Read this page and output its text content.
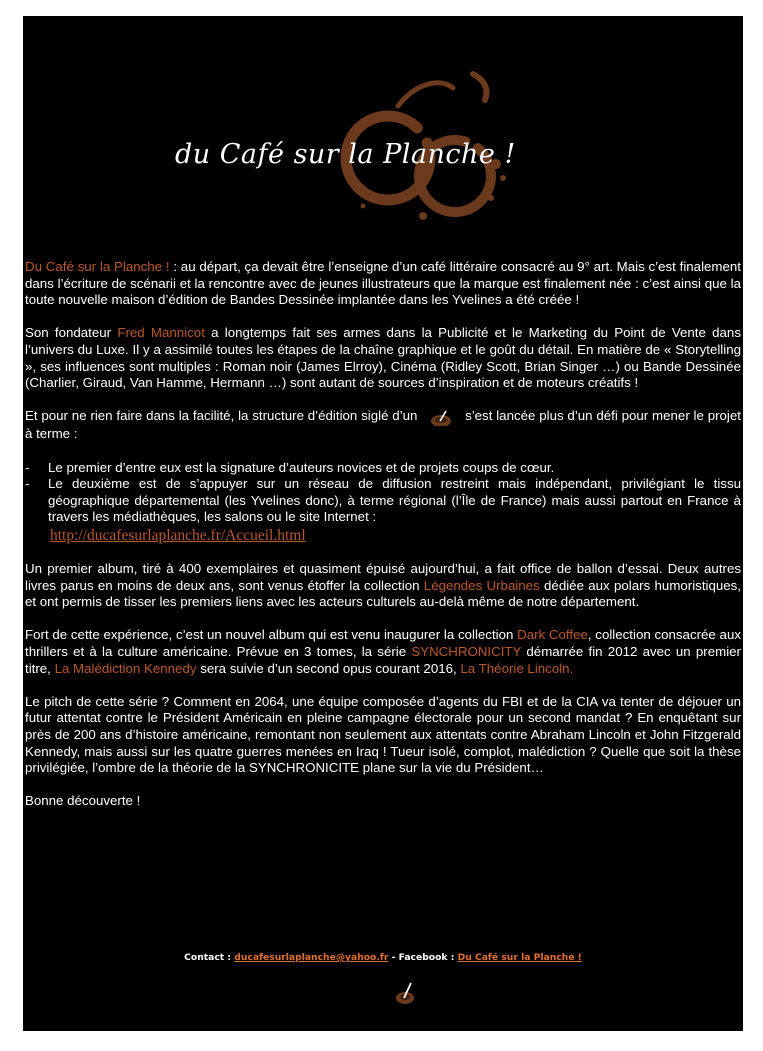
du Café sur la Planche !

Du Café sur la Planche ! : au départ, ça devait être l’enseigne d’un café littéraire consacré au 9° art. Mais c’est finalement dans l’écriture de scénarii et la rencontre avec de jeunes illustrateurs que la marque est finalement née : c’est ainsi que la toute nouvelle maison d’édition de Bandes Dessinée implantée dans les Yvelines a été créée !

Son fondateur Fred Mannicot a longtemps fait ses armes dans la Publicité et le Marketing du Point de Vente dans l’univers du Luxe. Il y a assimilé toutes les étapes de la chaîne graphique et le goût du détail. En matière de « Storytelling », ses influences sont multiples : Roman noir (James Elrroy), Cinéma (Ridley Scott, Brian Singer …) ou Bande Dessinée (Charlier, Giraud, Van Hamme, Hermann …) sont autant de sources d’inspiration et de moteurs créatifs !

Et pour ne rien faire dans la facilité, la structure d’édition siglé d’un	s’est lancée plus d’un défi pour mener le projet à terme :

- Le premier d’entre eux est la signature d’auteurs novices et de projets coups de cœur.
- Le deuxième est de s’appuyer sur un réseau de diffusion restreint mais indépendant, privilégiant le tissu géographique départemental (les Yvelines donc), à terme régional (l’Île de France) mais aussi partout en France à travers les médiathèques, les salons ou le site Internet :
http://ducafesurlaplanche.fr/Accueil.html

Un premier album, tiré à 400 exemplaires et quasiment épuisé aujourd’hui, a fait office de ballon d’essai. Deux autres livres parus en moins de deux ans, sont venus étoffer la collection Légendes Urbaines dédiée aux polars humoristiques, et ont permis de tisser les premiers liens avec les acteurs culturels au-delà même de notre département.

Fort de cette expérience, c’est un nouvel album qui est venu inaugurer la collection Dark Coffee, collection consacrée aux thrillers et à la culture américaine. Prévue en 3 tomes, la série SYNCHRONICITY démarrée fin 2012 avec un premier titre, La Malédiction Kennedy sera suivie d’un second opus courant 2016, La Théorie Lincoln.

Le pitch de cette série ? Comment en 2064, une équipe composée d’agents du FBI et de la CIA va tenter de déjouer un futur attentat contre le Président Américain en pleine campagne électorale pour un second mandat ? En enquêtant sur près de 200 ans d’histoire américaine, remontant non seulement aux attentats contre Abraham Lincoln et John Fitzgerald Kennedy, mais aussi sur les quatre guerres menées en Iraq ! Tueur isolé, complot, malédiction ? Quelle que soit la thèse privilégiée, l’ombre de la théorie de la SYNCHRONICITE plane sur la vie du Président…

Bonne découverte !

Contact : ducafesurlaplanche@yahoo.fr - Facebook : Du Café sur la Planche !
